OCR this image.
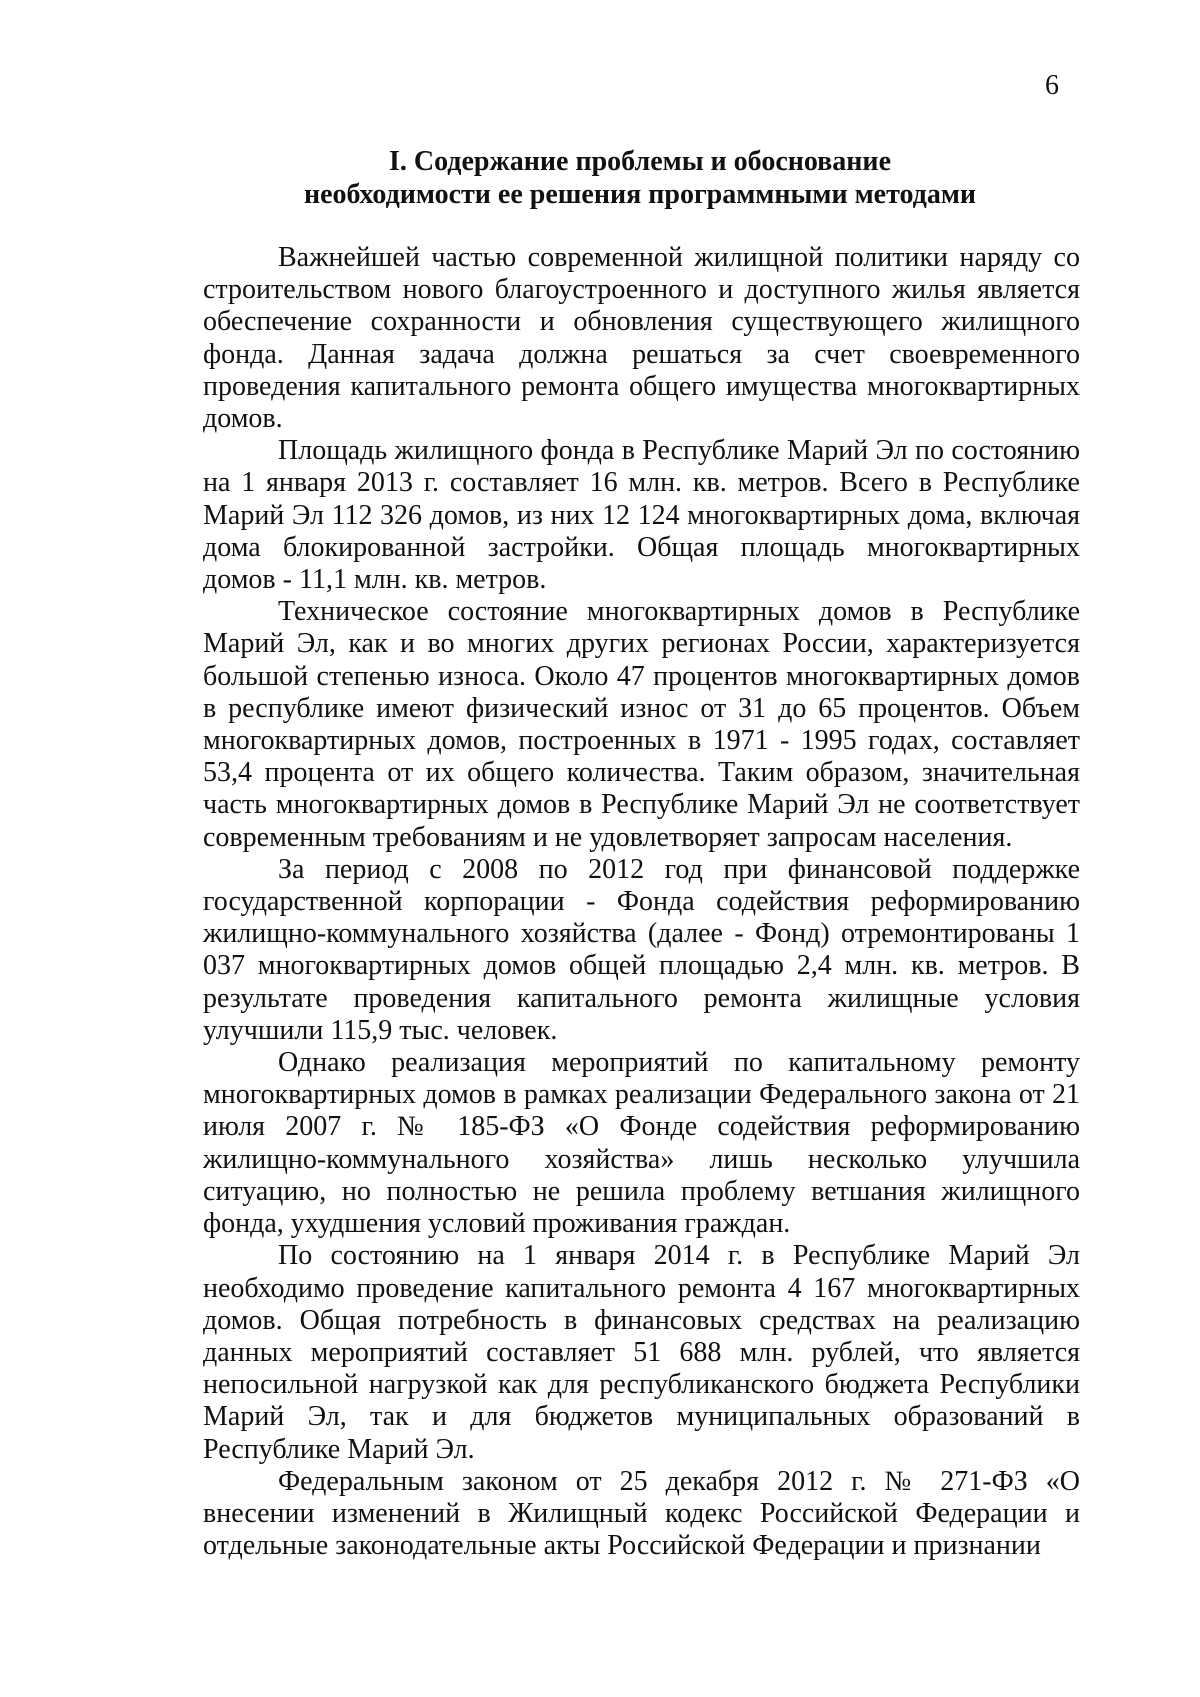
6
I. Содержание проблемы и обоснование
необходимости ее решения программными методами

Важнейшей частью современной жилищной политики наряду со строительством нового благоустроенного и доступного жилья является обеспечение сохранности и обновления существующего жилищного фонда. Данная задача должна решаться за счет своевременного проведения капитального ремонта общего имущества многоквартирных домов.

Площадь жилищного фонда в Республике Марий Эл по состоянию на 1 января 2013 г. составляет 16 млн. кв. метров. Всего в Республике Марий Эл 112 326 домов, из них 12 124 многоквартирных дома, включая дома блокированной застройки. Общая площадь многоквартирных домов - 11,1 млн. кв. метров.

Техническое состояние многоквартирных домов в Республике Марий Эл, как и во многих других регионах России, характеризуется большой степенью износа. Около 47 процентов многоквартирных домов в республике имеют физический износ от 31 до 65 процентов. Объем многоквартирных домов, построенных в 1971 - 1995 годах, составляет 53,4 процента от их общего количества. Таким образом, значительная часть многоквартирных домов в Республике Марий Эл не соответствует современным требованиям и не удовлетворяет запросам населения.

За период с 2008 по 2012 год при финансовой поддержке государственной корпорации - Фонда содействия реформированию жилищно-коммунального хозяйства (далее - Фонд) отремонтированы 1 037 многоквартирных домов общей площадью 2,4 млн. кв. метров. В результате проведения капитального ремонта жилищные условия улучшили 115,9 тыс. человек.

Однако реализация мероприятий по капитальному ремонту многоквартирных домов в рамках реализации Федерального закона от 21 июля 2007 г. № 185-ФЗ «О Фонде содействия реформированию жилищно-коммунального хозяйства» лишь несколько улучшила ситуацию, но полностью не решила проблему ветшания жилищного фонда, ухудшения условий проживания граждан.

По состоянию на 1 января 2014 г. в Республике Марий Эл необходимо проведение капитального ремонта 4 167 многоквартирных домов. Общая потребность в финансовых средствах на реализацию данных мероприятий составляет 51 688 млн. рублей, что является непосильной нагрузкой как для республиканского бюджета Республики Марий Эл, так и для бюджетов муниципальных образований в Республике Марий Эл.

Федеральным законом от 25 декабря 2012 г. № 271-ФЗ «О внесении изменений в Жилищный кодекс Российской Федерации и отдельные законодательные акты Российской Федерации и признании
